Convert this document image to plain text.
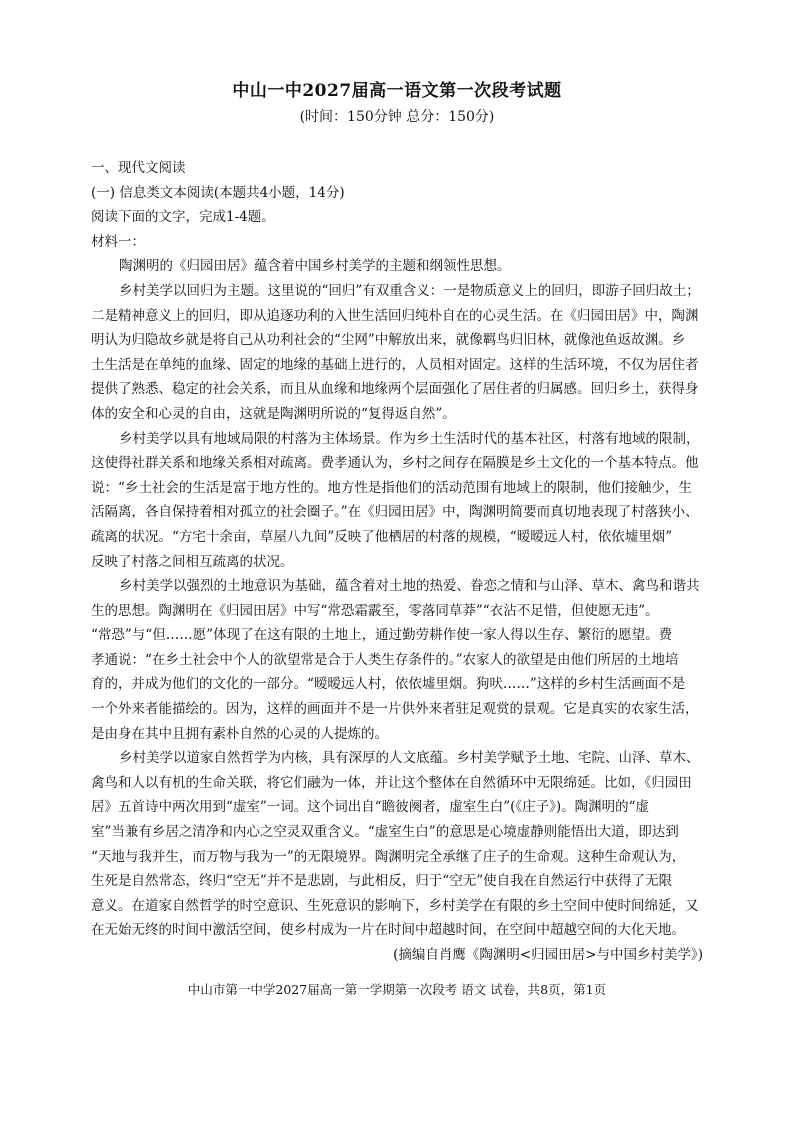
中山一中2027届高一语文第一次段考试题
(时间：150分钟 总分：150分)
一、现代文阅读
(一) 信息类文本阅读(本题共4小题，14分)
阅读下面的文字，完成1-4题。
材料一：
陶渊明的《归园田居》蕴含着中国乡村美学的主题和纲领性思想。
乡村美学以回归为主题。这里说的“回归”有双重含义：一是物质意义上的回归，即游子回归故土；
二是精神意义上的回归，即从追逐功利的入世生活回归纯朴自在的心灵生活。在《归园田居》中，陶渊
明认为归隐故乡就是将自己从功利社会的“尘网”中解放出来，就像羁鸟归旧林，就像池鱼返故渊。乡
土生活是在单纯的血缘、固定的地缘的基础上进行的，人员相对固定。这样的生活环境，不仅为居住者
提供了熟悉、稳定的社会关系，而且从血缘和地缘两个层面强化了居住者的归属感。回归乡土，获得身
体的安全和心灵的自由，这就是陶渊明所说的“复得返自然”。
乡村美学以具有地域局限的村落为主体场景。作为乡土生活时代的基本社区，村落有地域的限制，
这使得社群关系和地缘关系相对疏离。费孝通认为，乡村之间存在隔膜是乡土文化的一个基本特点。他
说：“乡土社会的生活是富于地方性的。地方性是指他们的活动范围有地域上的限制，他们接触少，生
活隔离，各自保持着相对孤立的社会圈子。”在《归园田居》中，陶渊明简要而真切地表现了村落狭小、
疏离的状况。“方宅十余亩，草屋八九间”反映了他栖居的村落的规模，“暧暧远人村，依依墟里烟”
反映了村落之间相互疏离的状况。
乡村美学以强烈的土地意识为基础，蕴含着对土地的热爱、眷恋之情和与山泽、草木、禽鸟和谐共
生的思想。陶渊明在《归园田居》中写“常恐霜霰至，零落同草莽”“衣沾不足惜，但使愿无违”。
“常恐”与“但……愿”体现了在这有限的土地上，通过勤劳耕作使一家人得以生存、繁衍的愿望。费
孝通说：“在乡土社会中个人的欲望常是合于人类生存条件的。”农家人的欲望是由他们所居的土地培
育的，并成为他们的文化的一部分。“暧暧远人村，依依墟里烟。狗吠……”这样的乡村生活画面不是
一个外来者能描绘的。因为，这样的画面并不是一片供外来者驻足观赏的景观。它是真实的农家生活，
是由身在其中且拥有素朴自然的心灵的人提炼的。
乡村美学以道家自然哲学为内核，具有深厚的人文底蕴。乡村美学赋予土地、宅院、山泽、草木、
禽鸟和人以有机的生命关联，将它们融为一体，并让这个整体在自然循环中无限绵延。比如，《归园田
居》五首诗中两次用到“虚室”一词。这个词出自“瞻彼阕者，虚室生白”(《庄子》)。陶渊明的“虚
室”当兼有乡居之清净和内心之空灵双重含义。“虚室生白”的意思是心境虚静则能悟出大道，即达到
“天地与我并生，而万物与我为一”的无限境界。陶渊明完全承继了庄子的生命观。这种生命观认为，
生死是自然常态，终归“空无”并不是悲剧，与此相反，归于“空无”使自我在自然运行中获得了无限
意义。在道家自然哲学的时空意识、生死意识的影响下，乡村美学在有限的乡土空间中使时间绵延，又
在无始无终的时间中激活空间，使乡村成为一片在时间中超越时间，在空间中超越空间的大化天地。
(摘编自肖鹰《陶渊明<归园田居>与中国乡村美学》)
中山市第一中学2027届高一第一学期第一次段考 语文 试卷，共8页，第1页
